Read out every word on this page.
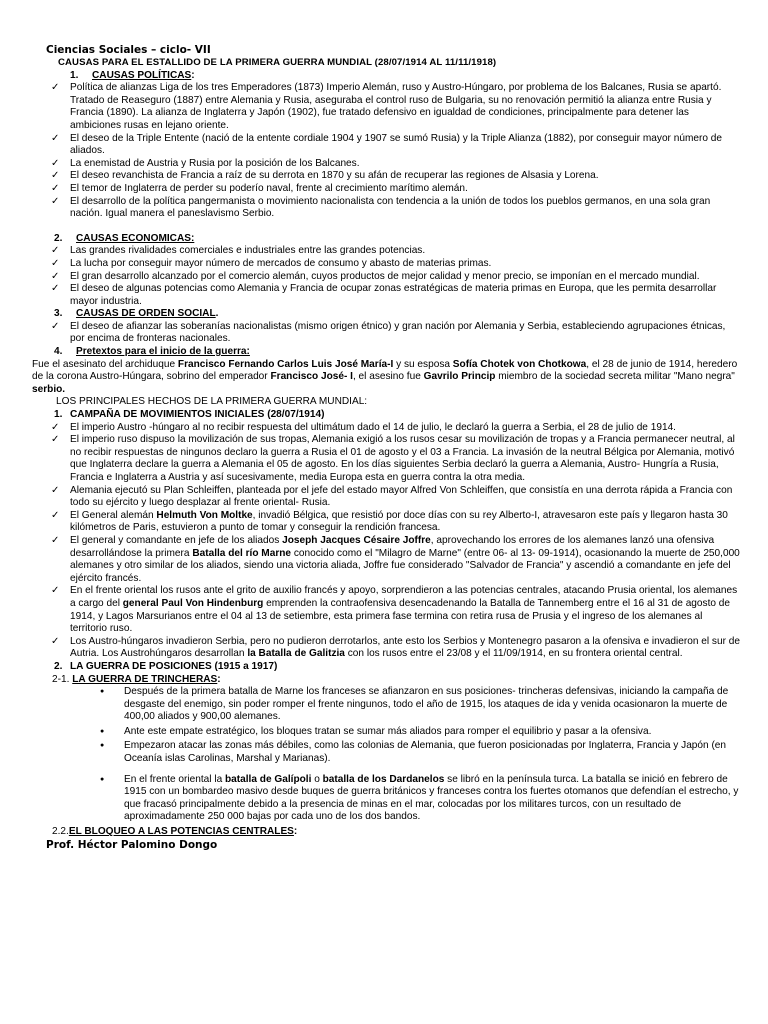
Ciencias Sociales – ciclo- VII
CAUSAS PARA EL ESTALLIDO DE LA PRIMERA GUERRA MUNDIAL (28/07/1914 AL 11/11/1918)
1. CAUSAS POLÍTICAS:
✓ Política de alianzas Liga de los tres Emperadores (1873) Imperio Alemán, ruso y Austro-Húngaro, por problema de los Balcanes, Rusia se apartó. Tratado de Reaseguro (1887) entre Alemania y Rusia, aseguraba el control ruso de Bulgaria, su no renovación permitió la alianza entre Rusia y Francia (1890). La alianza de Inglaterra y Japón (1902), fue tratado defensivo en igualdad de condiciones, principalmente para detener las ambiciones rusas en lejano oriente.
✓ El deseo de la Triple Entente (nació de la entente cordiale 1904 y 1907 se sumó Rusia) y la Triple Alianza (1882), por conseguir mayor número de aliados.
✓ La enemistad de Austria y Rusia por la posición de los Balcanes.
✓ El deseo revanchista de Francia a raíz de su derrota en 1870 y su afán de recuperar las regiones de Alsasia y Lorena.
✓ El temor de Inglaterra de perder su poderío naval, frente al crecimiento marítimo alemán.
✓ El desarrollo de la política pangermanista o movimiento nacionalista con tendencia a la unión de todos los pueblos germanos, en una sola gran nación. Igual manera el paneslavismo Serbio.
2. CAUSAS ECONOMICAS:
✓ Las grandes rivalidades comerciales e industriales entre las grandes potencias.
✓ La lucha por conseguir mayor número de mercados de consumo y abasto de materias primas.
✓ El gran desarrollo alcanzado por el comercio alemán, cuyos productos de mejor calidad y menor precio, se imponían en el mercado mundial.
✓ El deseo de algunas potencias como Alemania y Francia de ocupar zonas estratégicas de materia primas en Europa, que les permita desarrollar mayor industria.
3. CAUSAS DE ORDEN SOCIAL.
✓ El deseo de afianzar las soberanías nacionalistas (mismo origen étnico) y gran nación por Alemania y Serbia, estableciendo agrupaciones étnicas, por encima de fronteras nacionales.
4. Pretextos para el inicio de la guerra:
Fue el asesinato del archiduque Francisco Fernando Carlos Luis José María-I y su esposa Sofía Chotek von Chotkowa, el 28 de junio de 1914, heredero de la corona Austro-Húngara, sobrino del emperador Francisco José- I, el asesino fue Gavrilo Princip miembro de la sociedad secreta militar "Mano negra" serbio.
LOS PRINCIPALES HECHOS DE LA PRIMERA GUERRA MUNDIAL:
1. CAMPAÑA DE MOVIMIENTOS INICIALES (28/07/1914)
✓ El imperio Austro -húngaro al no recibir respuesta del ultimátum dado el 14 de julio, le declaró la guerra a Serbia, el 28 de julio de 1914.
✓ El imperio ruso dispuso la movilización de sus tropas, Alemania exigió a los rusos cesar su movilización de tropas y a Francia permanecer neutral, al no recibir respuestas de ningunos declaro la guerra a Rusia el 01 de agosto y el 03 a Francia. La invasión de la neutral Bélgica por Alemania, motivó que Inglaterra declare la guerra a Alemania el 05 de agosto. En los días siguientes Serbia declaró la guerra a Alemania, Austro- Hungría a Rusia, Francia e Inglaterra a Austria y así sucesivamente, media Europa esta en guerra contra la otra media.
✓ Alemania ejecutó su Plan Schleiffen, planteada por el jefe del estado mayor Alfred Von Schleiffen, que consistía en una derrota rápida a Francia con todo su ejército y luego desplazar al frente oriental- Rusia.
✓ El General alemán Helmuth Von Moltke, invadió Bélgica, que resistió por doce días con su rey Alberto-I, atravesaron este país y llegaron hasta 30 kilómetros de Paris, estuvieron a punto de tomar y conseguir la rendición francesa.
✓ El general y comandante en jefe de los aliados Joseph Jacques Césaire Joffre, aprovechando los errores de los alemanes lanzó una ofensiva desarrollándose la primera Batalla del río Marne conocido como el "Milagro de Marne" (entre 06- al 13- 09-1914), ocasionando la muerte de 250,000 alemanes y otro similar de los aliados, siendo una victoria aliada, Joffre fue considerado "Salvador de Francia" y ascendió a comandante en jefe del ejército francés.
✓ En el frente oriental los rusos ante el grito de auxilio francés y apoyo, sorprendieron a las potencias centrales, atacando Prusia oriental, los alemanes a cargo del general Paul Von Hindenburg emprenden la contraofensiva desencadenando la Batalla de Tannemberg entre el 16 al 31 de agosto de 1914, y Lagos Marsurianos entre el 04 al 13 de setiembre, esta primera fase termina con retira rusa de Prusia y el ingreso de los alemanes al territorio ruso.
✓ Los Austro-húngaros invadieron Serbia, pero no pudieron derrotarlos, ante esto los Serbios y Montenegro pasaron a la ofensiva e invadieron el sur de Autria. Los Austrohúngaros desarrollan la Batalla de Galitzia con los rusos entre el 23/08 y el 11/09/1914, en su frontera oriental central.
2. LA GUERRA DE POSICIONES (1915 a 1917)
2-1. LA GUERRA DE TRINCHERAS:
● Después de la primera batalla de Marne los franceses se afianzaron en sus posiciones- trincheras defensivas, iniciando la campaña de desgaste del enemigo, sin poder romper el frente ningunos, todo el año de 1915, los ataques de ida y venida ocasionaron la muerte de 400,00 aliados y 900,00 alemanes.
● Ante este empate estratégico, los bloques tratan se sumar más aliados para romper el equilibrio y pasar a la ofensiva.
● Empezaron atacar las zonas más débiles, como las colonias de Alemania, que fueron posicionadas por Inglaterra, Francia y Japón (en Oceanía islas Carolinas, Marshal y Marianas).
● En el frente oriental la batalla de Galípoli o batalla de los Dardanelos se libró en la península turca. La batalla se inició en febrero de 1915 con un bombardeo masivo desde buques de guerra británicos y franceses contra los fuertes otomanos que defendían el estrecho, y que fracasó principalmente debido a la presencia de minas en el mar, colocadas por los militares turcos, con un resultado de aproximadamente 250 000 bajas por cada uno de los dos bandos.
2.2.EL BLOQUEO A LAS POTENCIAS CENTRALES:
Prof. Héctor Palomino Dongo
